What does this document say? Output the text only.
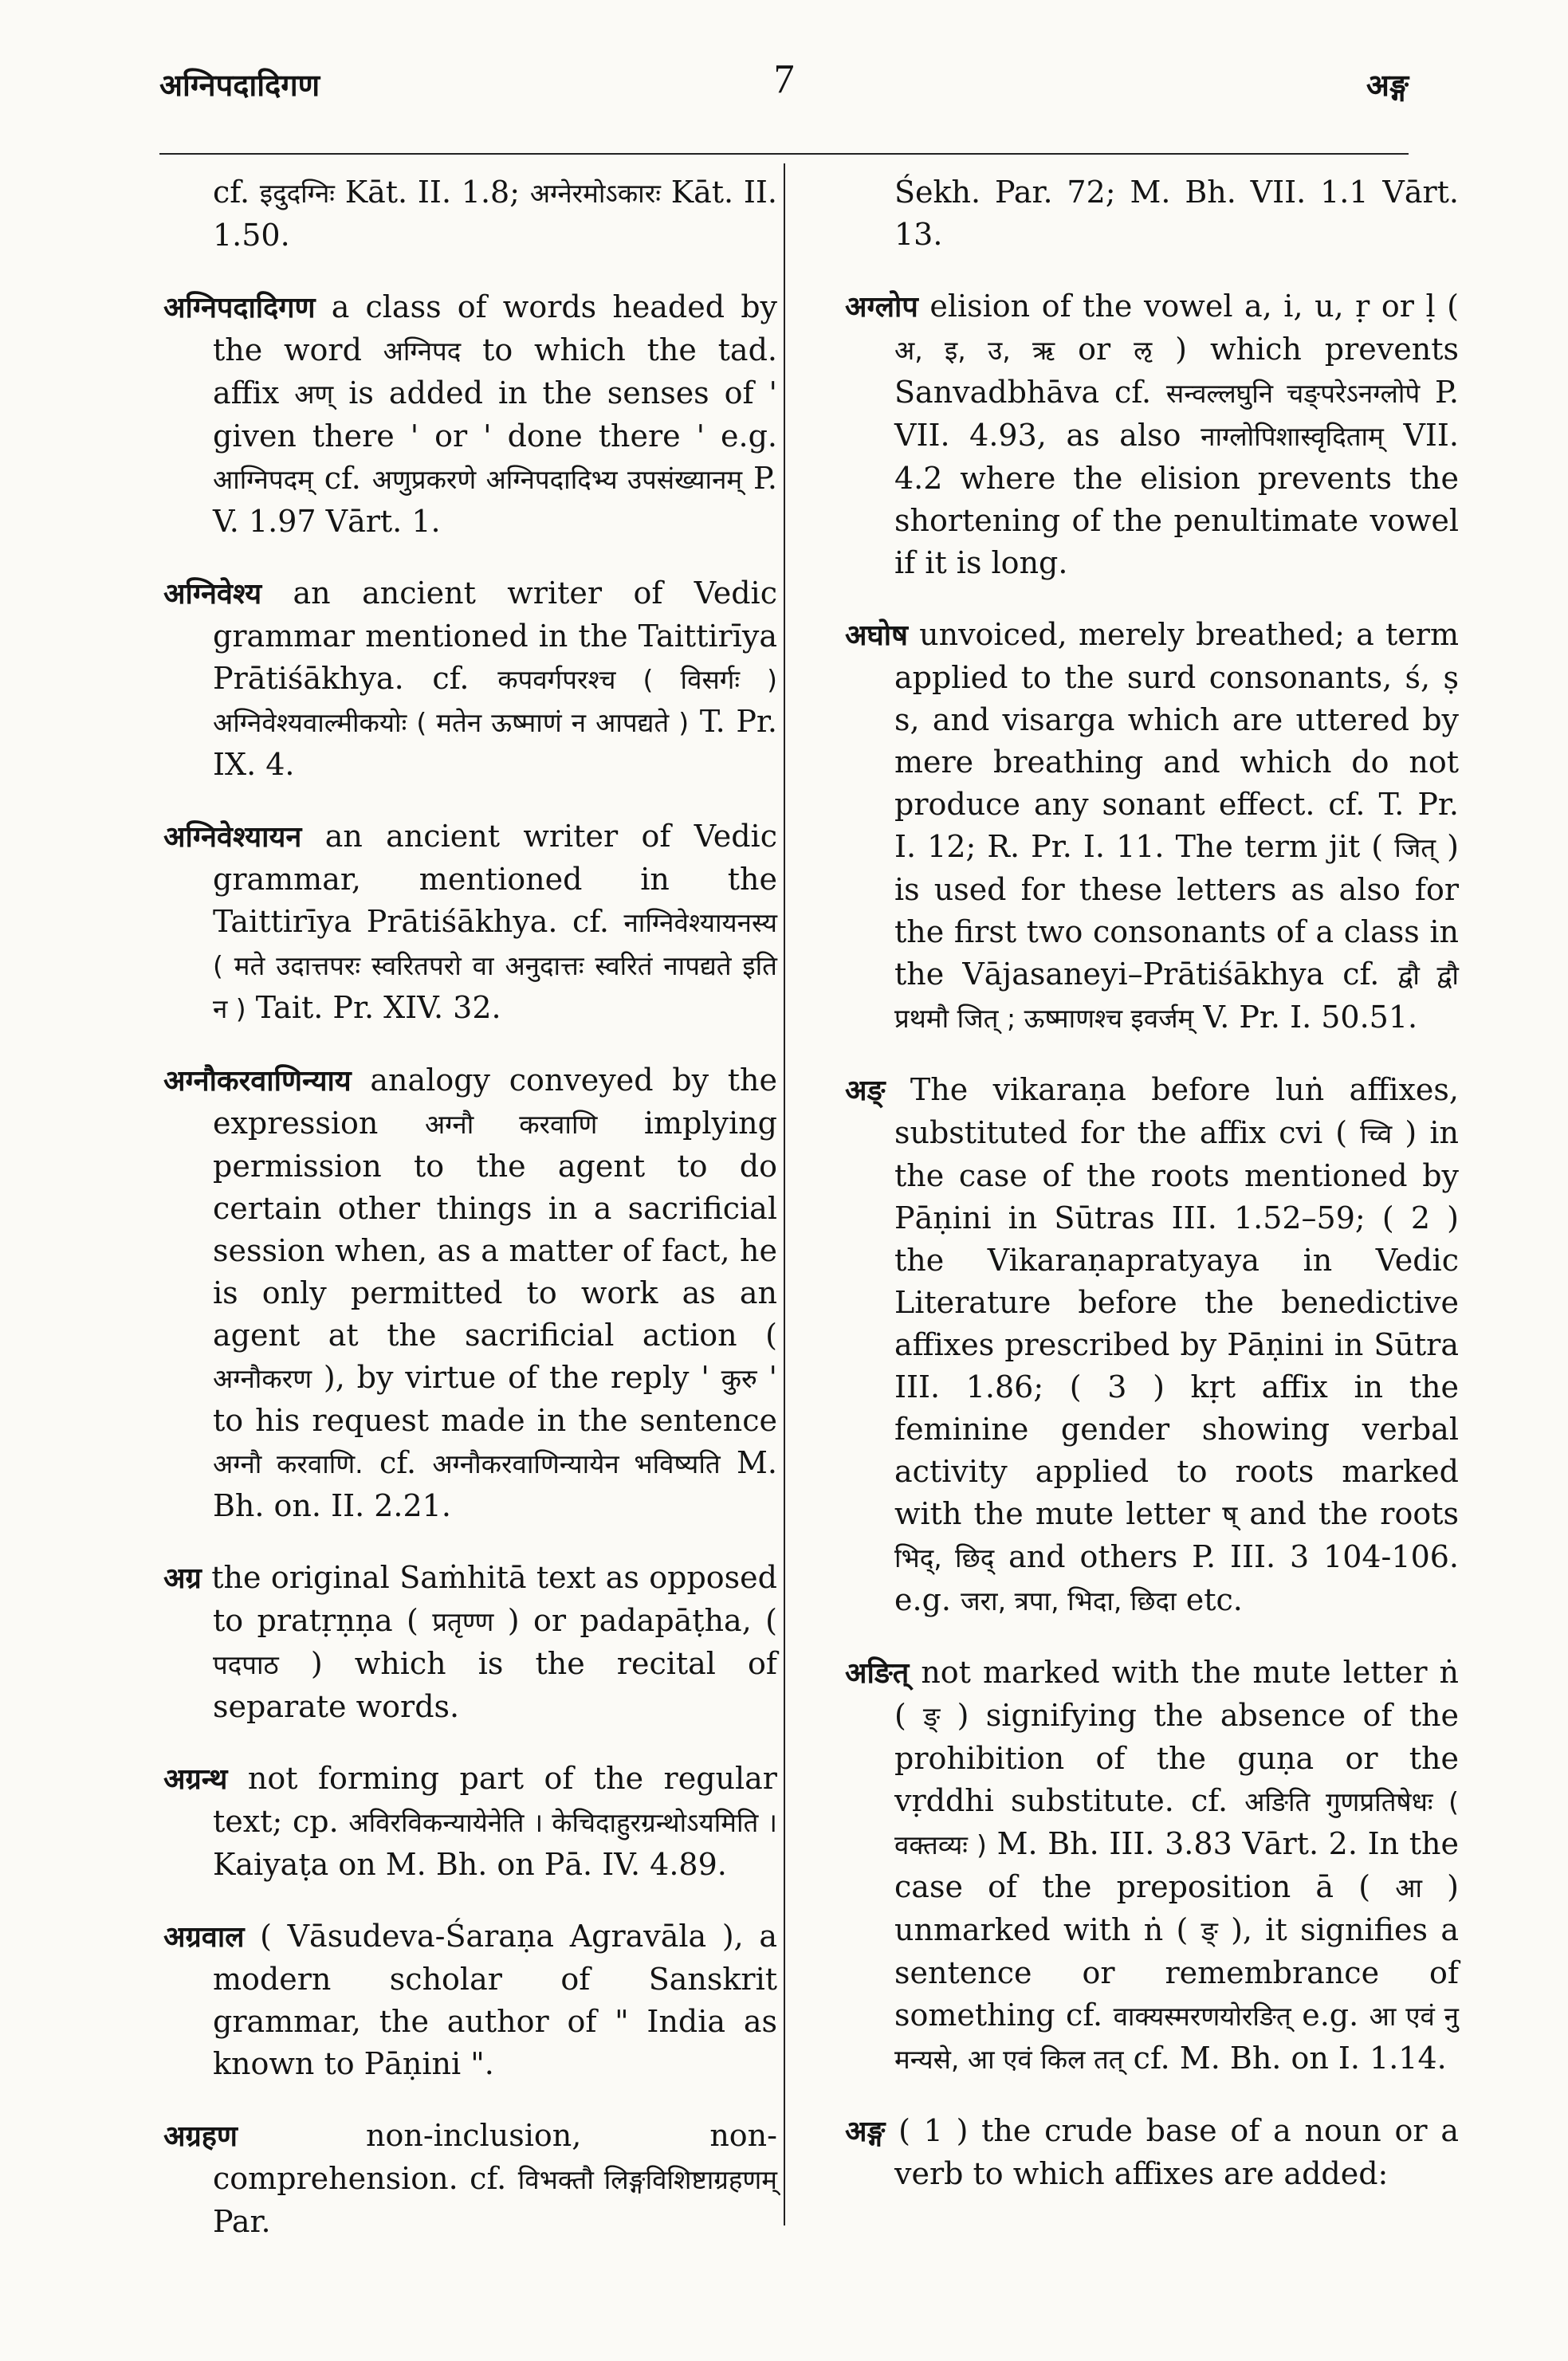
अग्निपदादिगण	7	अङ्ग

cf. इदुदग्निः Kāt. II. 1.8; अग्नेरमोऽकारः Kāt. II. 1.50.

अग्निपदादिगण a class of words headed by the word अग्निपद to which the tad. affix अण् is added in the senses of ' given there ' or ' done there ' e.g. आग्निपदम् cf. अणुप्रकरणे अग्निपदादिभ्य उपसंख्यानम् P. V. 1.97 Vārt. 1.

अग्निवेश्य an ancient writer of Vedic grammar mentioned in the Taittirīya Prātiśākhya. cf. कपवर्गपरश्च ( विसर्गः ) अग्निवेश्यवाल्मीकयोः ( मतेन ऊष्माणं न आपद्यते ) T. Pr. IX. 4.

अग्निवेश्यायन an ancient writer of Vedic grammar, mentioned in the Taittirīya Prātiśākhya. cf. नाग्निवेश्यायनस्य ( मते उदात्तपरः स्वरितपरो वा अनुदात्तः स्वरितं नापद्यते इति न ) Tait. Pr. XIV. 32.

अग्नौकरवाणिन्याय analogy conveyed by the expression अग्नौ करवाणि implying permission to the agent to do certain other things in a sacrificial session when, as a matter of fact, he is only permitted to work as an agent at the sacrificial action ( अग्नौकरण ), by virtue of the reply ' कुरु ' to his request made in the sentence अग्नौ करवाणि. cf. अग्नौकरवाणिन्यायेन भविष्यति M. Bh. on. II. 2.21.

अग्र the original Saṁhitā text as opposed to pratṛṇṇa ( प्रतृण्ण ) or padapāṭha, ( पदपाठ ) which is the recital of separate words.

अग्रन्थ not forming part of the regular text; cp. अविरविकन्यायेनेति । केचिदाहुरग्रन्थोऽयमिति । Kaiyaṭa on M. Bh. on Pā. IV. 4.89.

अग्रवाल ( Vāsudeva-Śaraṇa Agravāla ), a modern scholar of Sanskrit grammar, the author of " India as known to Pāṇini ".

अग्रहण	non-inclusion, non-comprehension. cf. विभक्तौ लिङ्गविशिष्टाग्रहणम् Par.

Śekh. Par. 72; M. Bh. VII. 1.1 Vārt. 13.

अग्लोप elision of the vowel a, i, u, ṛ or ḷ ( अ, इ, उ, ऋ or ऌ ) which prevents Sanvadbhāva cf. सन्वल्लघुनि चङ्परेऽनग्लोपे P. VII. 4.93, as also नाग्लोपिशास्वृदिताम् VII. 4.2 where the elision prevents the shortening of the penultimate vowel if it is long.

अघोष unvoiced, merely breathed; a term applied to the surd consonants, ś, ṣ s, and visarga which are uttered by mere breathing and which do not produce any sonant effect. cf. T. Pr. I. 12; R. Pr. I. 11. The term jit ( जित् ) is used for these letters as also for the first two consonants of a class in the Vājasaneyi–Prātiśākhya cf. द्वौ द्वौ प्रथमौ जित् ; ऊष्माणश्च इवर्जम् V. Pr. I. 50.51.

अङ् The vikaraṇa before luṅ affixes, substituted for the affix cvi ( च्वि ) in the case of the roots mentioned by Pāṇini in Sūtras III. 1.52–59; ( 2 ) the Vikaraṇapratyaya in Vedic Literature before the benedictive affixes prescribed by Pāṇini in Sūtra III. 1.86; ( 3 ) kṛt affix in the feminine gender showing verbal activity applied to roots marked with the mute letter ष् and the roots भिद्, छिद् and others P. III. 3 104-106. e.g. जरा, त्रपा, भिदा, छिदा etc.

अङित् not marked with the mute letter ṅ ( ङ् ) signifying the absence of the prohibition of the guṇa or the vṛddhi substitute. cf. अङिति गुणप्रतिषेधः ( वक्तव्यः ) M. Bh. III. 3.83 Vārt. 2. In the case of the preposition ā ( आ ) unmarked with ṅ ( ङ् ), it signifies a sentence or remembrance of something cf. वाक्यस्मरणयोरङित् e.g. आ एवं नु मन्यसे, आ एवं किल तत् cf. M. Bh. on I. 1.14.

अङ्ग ( 1 ) the crude base of a noun or a verb to which affixes are added:
